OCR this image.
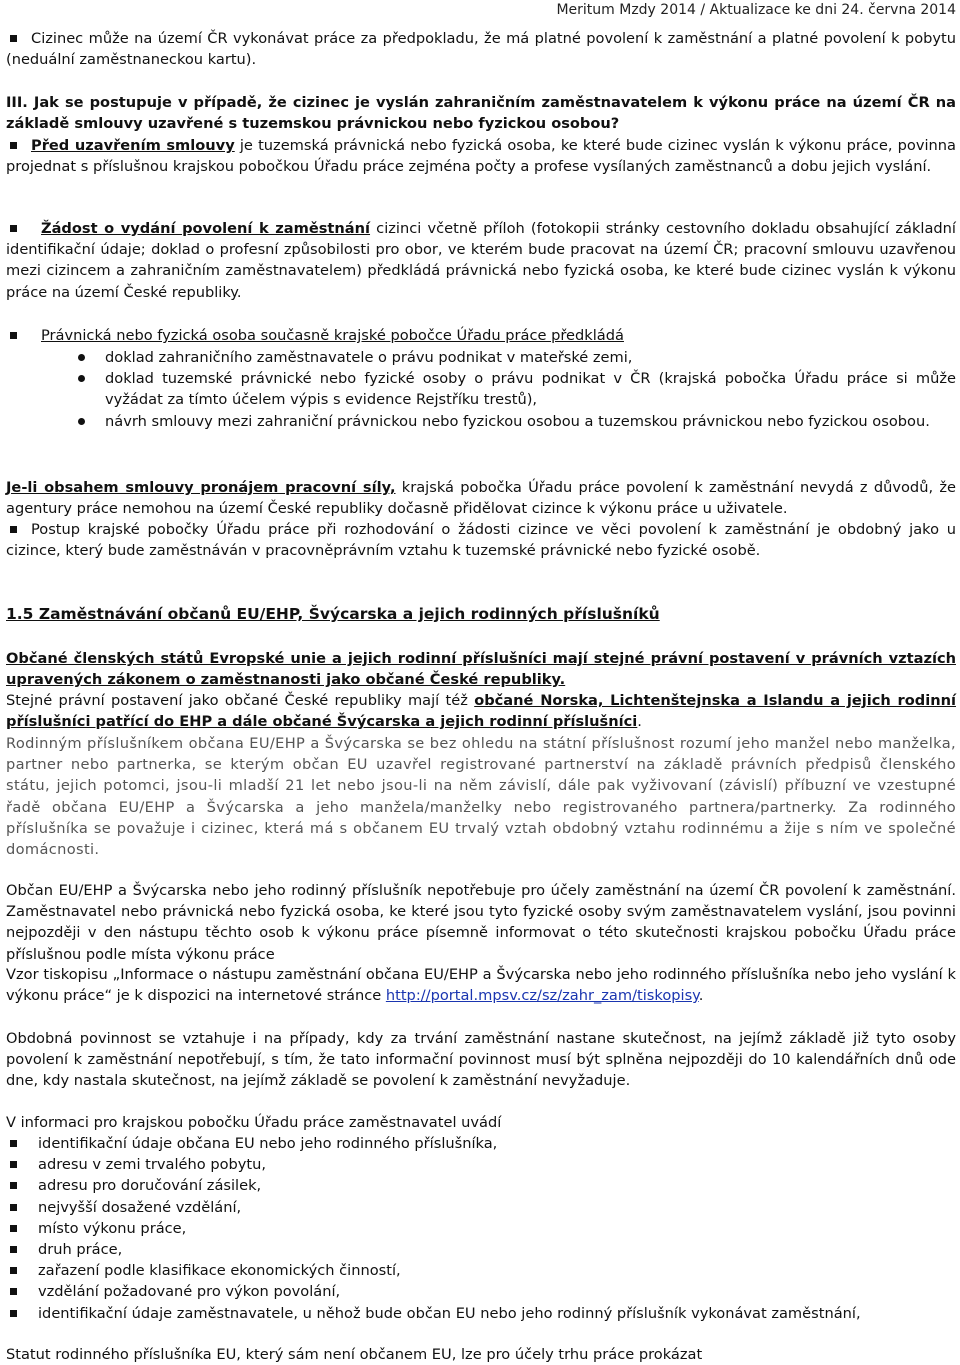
Meritum Mzdy 2014 / Aktualizace ke dni 24. června 2014

Cizinec může na území ČR vykonávat práce za předpokladu, že má platné povolení k zaměstnání a platné povolení k pobytu (neduální zaměstnaneckou kartu).

III. Jak se postupuje v případě, že cizinec je vyslán zahraničním zaměstnavatelem k výkonu práce na území ČR na základě smlouvy uzavřené s tuzemskou právnickou nebo fyzickou osobou?

Před uzavřením smlouvy je tuzemská právnická nebo fyzická osoba, ke které bude cizinec vyslán k výkonu práce, povinna projednat s příslušnou krajskou pobočkou Úřadu práce zejména počty a profese vysílaných zaměstnanců a dobu jejich vyslání.

Žádost o vydání povolení k zaměstnání cizinci včetně příloh (fotokopii stránky cestovního dokladu obsahující základní identifikační údaje; doklad o profesní způsobilosti pro obor, ve kterém bude pracovat na území ČR; pracovní smlouvu uzavřenou mezi cizincem a zahraničním zaměstnavatelem) předkládá právnická nebo fyzická osoba, ke které bude cizinec vyslán k výkonu práce na území České republiky.

Právnická nebo fyzická osoba současně krajské pobočce Úřadu práce předkládá

doklad zahraničního zaměstnavatele o právu podnikat v mateřské zemi,

doklad tuzemské právnické nebo fyzické osoby o právu podnikat v ČR (krajská pobočka Úřadu práce si může vyžádat za tímto účelem výpis s evidence Rejstříku trestů),

návrh smlouvy mezi zahraniční právnickou nebo fyzickou osobou a tuzemskou právnickou nebo fyzickou osobou.

Je-li obsahem smlouvy pronájem pracovní síly, krajská pobočka Úřadu práce povolení k zaměstnání nevydá z důvodů, že agentury práce nemohou na území České republiky dočasně přidělovat cizince k výkonu práce u uživatele.

Postup krajské pobočky Úřadu práce při rozhodování o žádosti cizince ve věci povolení k zaměstnání je obdobný jako u cizince, který bude zaměstnáván v pracovněprávním vztahu k tuzemské právnické nebo fyzické osobě.

1.5 Zaměstnávání občanů EU/EHP, Švýcarska a jejich rodinných příslušníků

Občané členských států Evropské unie a jejich rodinní příslušníci mají stejné právní postavení v právních vztazích upravených zákonem o zaměstnanosti jako občané České republiky.

Stejné právní postavení jako občané České republiky mají též občané Norska, Lichtenštejnska a Islandu a jejich rodinní příslušníci patřící do EHP a dále občané Švýcarska a jejich rodinní příslušníci.

Rodinným příslušníkem občana EU/EHP a Švýcarska se bez ohledu na státní příslušnost rozumí jeho manžel nebo manželka, partner nebo partnerka, se kterým občan EU uzavřel registrované partnerství na základě právních předpisů členského státu, jejich potomci, jsou-li mladší 21 let nebo jsou-li na něm závislí, dále pak vyživovaní (závislí) příbuzní ve vzestupné řadě občana EU/EHP a Švýcarska a jeho manžela/manželky nebo registrovaného partnera/partnerky. Za rodinného příslušníka se považuje i cizinec, která má s občanem EU trvalý vztah obdobný vztahu rodinnému a žije s ním ve společné domácnosti.

Občan EU/EHP a Švýcarska nebo jeho rodinný příslušník nepotřebuje pro účely zaměstnání na území ČR povolení k zaměstnání. Zaměstnavatel nebo právnická nebo fyzická osoba, ke které jsou tyto fyzické osoby svým zaměstnavatelem vyslání, jsou povinni nejpozději v den nástupu těchto osob k výkonu práce písemně informovat o této skutečnosti krajskou pobočku Úřadu práce příslušnou podle místa výkonu práce

Vzor tiskopisu „Informace o nástupu zaměstnání občana EU/EHP a Švýcarska nebo jeho rodinného příslušníka nebo jeho vyslání k výkonu práce“ je k dispozici na internetové stránce http://portal.mpsv.cz/sz/zahr_zam/tiskopisy.

Obdobná povinnost se vztahuje i na případy, kdy za trvání zaměstnání nastane skutečnost, na jejímž základě již tyto osoby povolení k zaměstnání nepotřebují, s tím, že tato informační povinnost musí být splněna nejpozději do 10 kalendářních dnů ode dne, kdy nastala skutečnost, na jejímž základě se povolení k zaměstnání nevyžaduje.

V informaci pro krajskou pobočku Úřadu práce zaměstnavatel uvádí

identifikační údaje občana EU nebo jeho rodinného příslušníka,

adresu v zemi trvalého pobytu,

adresu pro doručování zásilek,

nejvyšší dosažené vzdělání,

místo výkonu práce,

druh práce,

zařazení podle klasifikace ekonomických činností,

vzdělání požadované pro výkon povolání,

identifikační údaje zaměstnavatele, u něhož bude občan EU nebo jeho rodinný příslušník vykonávat zaměstnání,

Statut rodinného příslušníka EU, který sám není občanem EU, lze pro účely trhu práce prokázat
